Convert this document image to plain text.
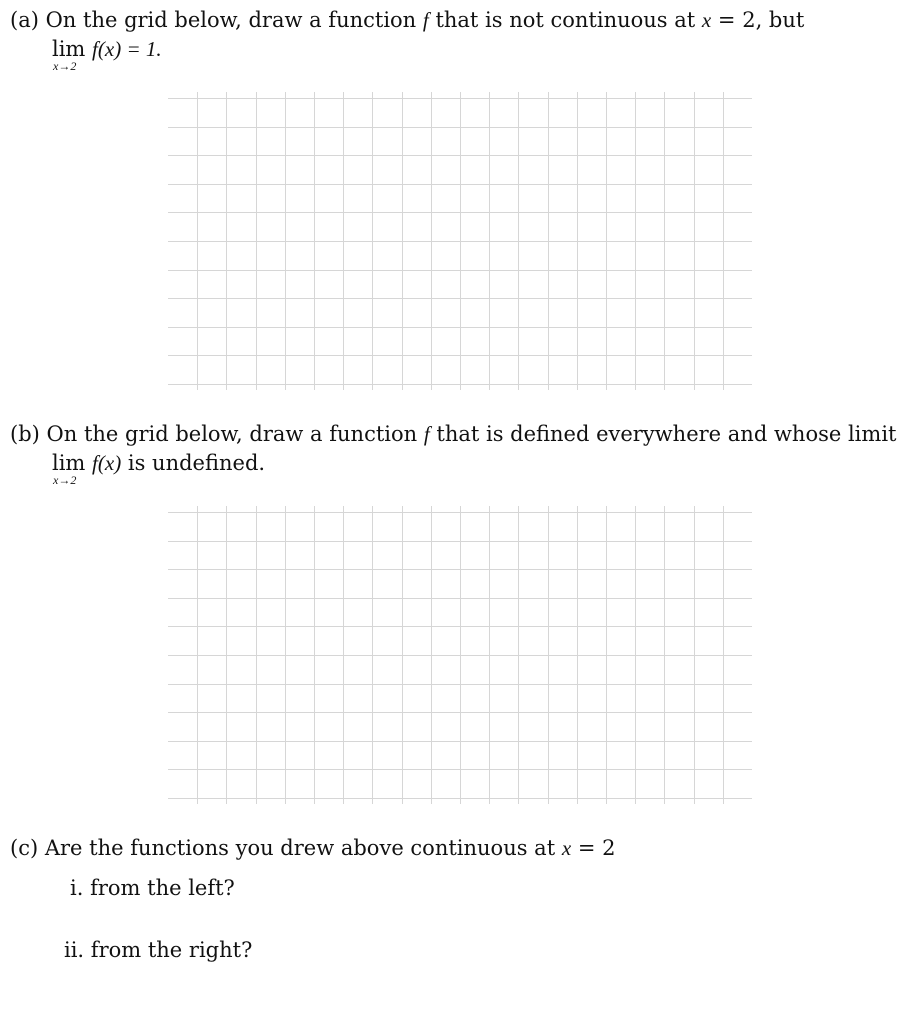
(a) On the grid below, draw a function f that is not continuous at x = 2, but
lim f(x) = 1.
x→2
(b) On the grid below, draw a function f that is defined everywhere and whose limit
lim f(x) is undefined.
x→2
(c) Are the functions you drew above continuous at x = 2
i. from the left?
ii. from the right?
